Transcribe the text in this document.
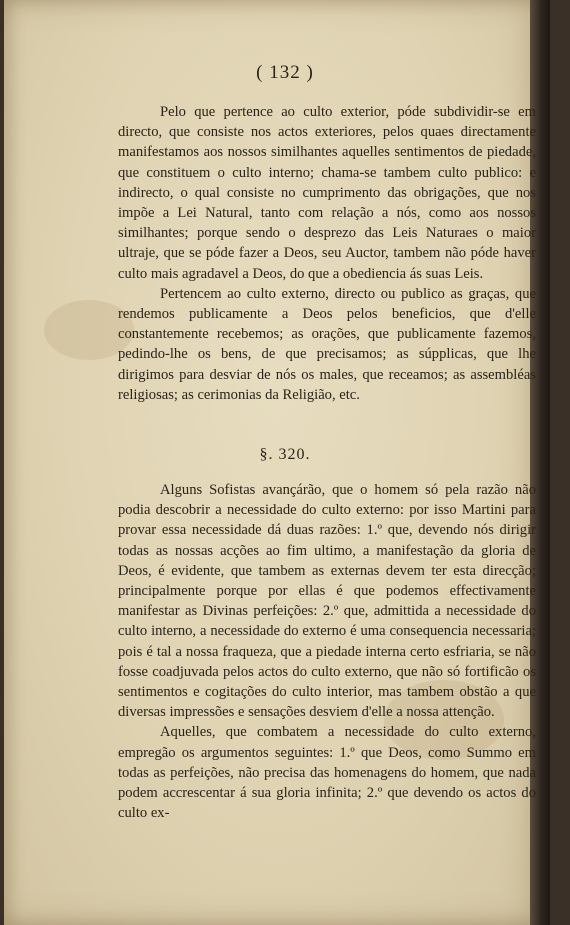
( 132 )

Pelo que pertence ao culto exterior, póde subdividir-se em directo, que consiste nos actos exteriores, pelos quaes directamente manifestamos aos nossos similhantes aquelles sentimentos de piedade, que constituem o culto interno; chama-se tambem culto publico: e indirecto, o qual consiste no cumprimento das obrigações, que nos impõe a Lei Natural, tanto com relação a nós, como aos nossos similhantes; porque sendo o desprezo das Leis Naturaes o maior ultraje, que se póde fazer a Deos, seu Auctor, tambem não póde haver culto mais agradavel a Deos, do que a obediencia ás suas Leis.

Pertencem ao culto externo, directo ou publico as graças, que rendemos publicamente a Deos pelos beneficios, que d'elle constantemente recebemos; as orações, que publicamente fazemos, pedindo-lhe os bens, de que precisamos; as súpplicas, que lhe dirigimos para desviar de nós os males, que receamos; as assembléas religiosas; as cerimonias da Religião, etc.

§. 320.

Alguns Sofistas avançárão, que o homem só pela razão não podia descobrir a necessidade do culto externo: por isso Martini para provar essa necessidade dá duas razões: 1.º que, devendo nós dirigir todas as nossas acções ao fim ultimo, a manifestação da gloria de Deos, é evidente, que tambem as externas devem ter esta direcção; principalmente porque por ellas é que podemos effectivamente manifestar as Divinas perfeições: 2.º que, admittida a necessidade do culto interno, a necessidade do externo é uma consequencia necessaria; pois é tal a nossa fraqueza, que a piedade interna certo esfriaria, se não fosse coadjuvada pelos actos do culto externo, que não só fortificão os sentimentos e cogitações do culto interior, mas tambem obstão a que diversas impressões e sensações desviem d'elle a nossa attenção.

Aquelles, que combatem a necessidade do culto externo, empregão os argumentos seguintes: 1.º que Deos, como Summo em todas as perfeições, não precisa das homenagens do homem, que nada podem accrescentar á sua gloria infinita; 2.º que devendo os actos do culto ex-
